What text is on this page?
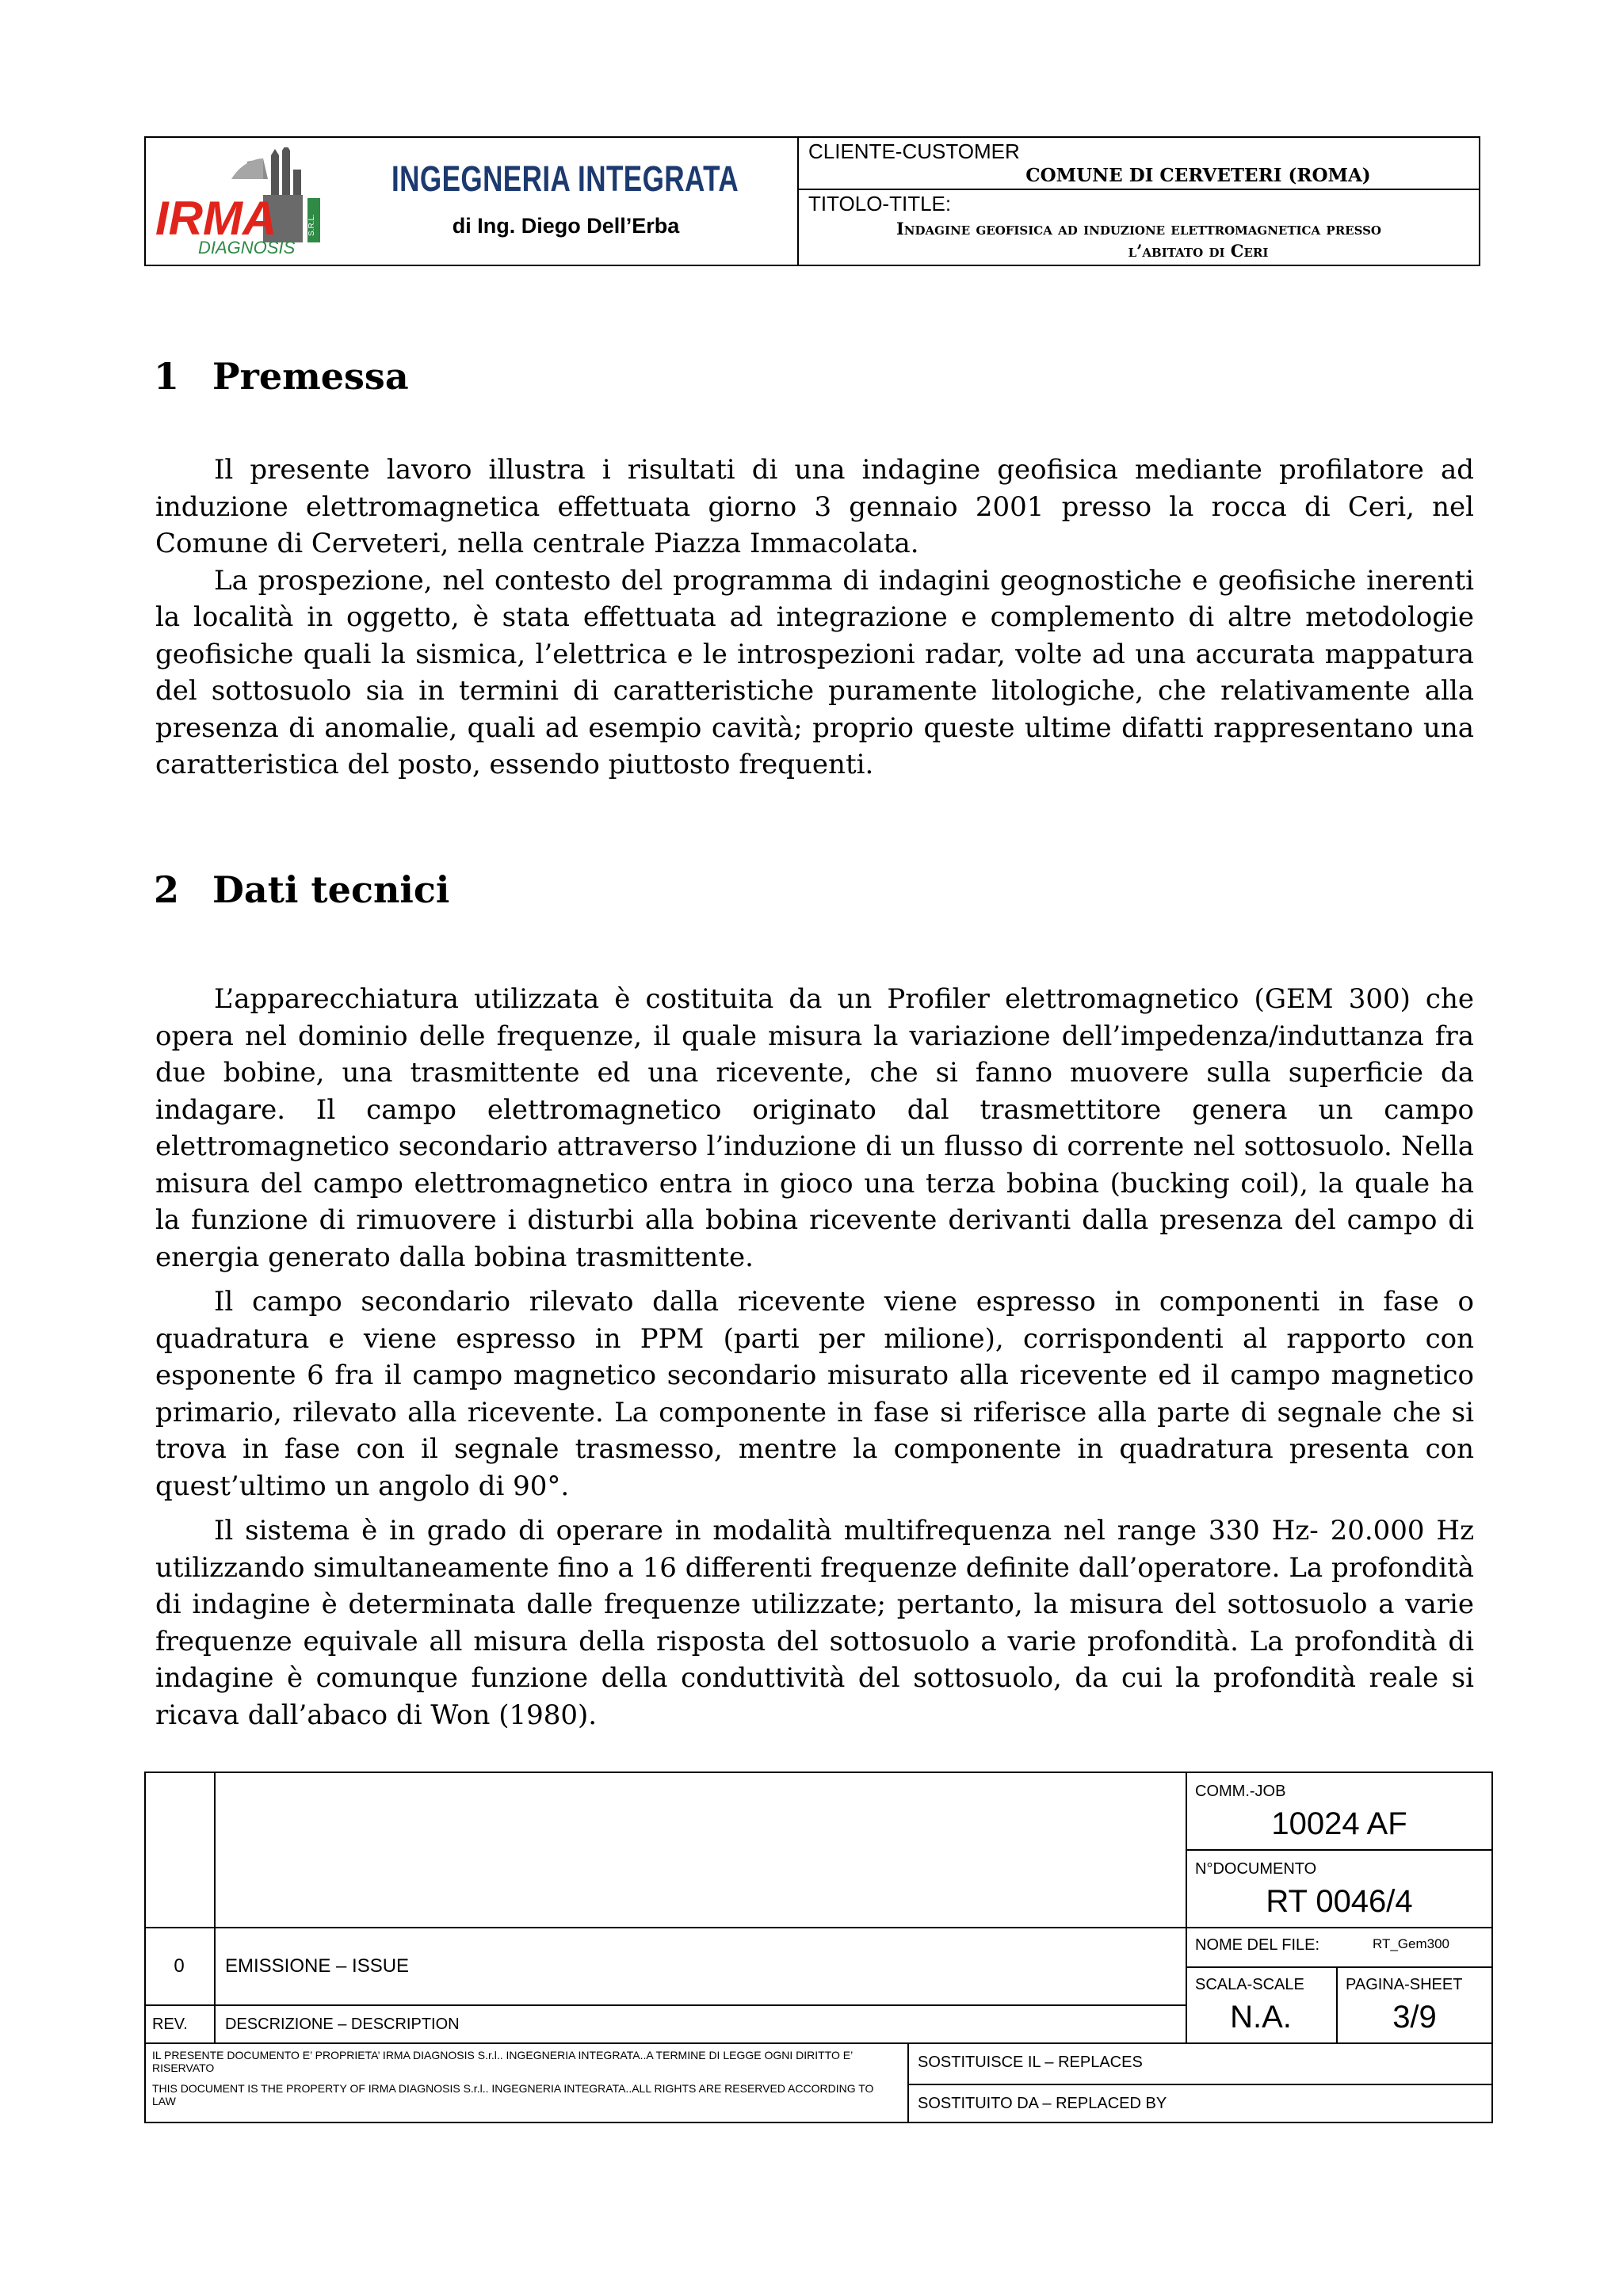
S.R.L.
IRMA
DIAGNOSIS
INGEGNERIA INTEGRATA
di Ing. Diego Dell’Erba
CLIENTE-CUSTOMER
COMUNE DI CERVETERI (ROMA)
TITOLO-TITLE:
Indagine geofisica ad induzione elettromagnetica presso
l’abitato di Ceri
1 Premessa

Il presente lavoro illustra i risultati di una indagine geofisica mediante profilatore ad induzione elettromagnetica effettuata giorno 3 gennaio 2001 presso la rocca di Ceri, nel Comune di Cerveteri, nella centrale Piazza Immacolata.

La prospezione, nel contesto del programma di indagini geognostiche e geofisiche inerenti la località in oggetto, è stata effettuata ad integrazione e complemento di altre metodologie geofisiche quali la sismica, l’elettrica e le introspezioni radar, volte ad una accurata mappatura del sottosuolo sia in termini di caratteristiche puramente litologiche, che relativamente alla presenza di anomalie, quali ad esempio cavità; proprio queste ultime difatti rappresentano una caratteristica del posto, essendo piuttosto frequenti.

2 Dati tecnici

L’apparecchiatura utilizzata è costituita da un Profiler elettromagnetico (GEM 300) che opera nel dominio delle frequenze, il quale misura la variazione dell’impedenza/induttanza fra due bobine, una trasmittente ed una ricevente, che si fanno muovere sulla superficie da indagare. Il campo elettromagnetico originato dal trasmettitore genera un campo elettromagnetico secondario attraverso l’induzione di un flusso di corrente nel sottosuolo. Nella misura del campo elettromagnetico entra in gioco una terza bobina (bucking coil), la quale ha la funzione di rimuovere i disturbi alla bobina ricevente derivanti dalla presenza del campo di energia generato dalla bobina trasmittente.

Il campo secondario rilevato dalla ricevente viene espresso in componenti in fase o quadratura e viene espresso in PPM (parti per milione), corrispondenti al rapporto con esponente 6 fra il campo magnetico secondario misurato alla ricevente ed il campo magnetico primario, rilevato alla ricevente. La componente in fase si riferisce alla parte di segnale che si trova in fase con il segnale trasmesso, mentre la componente in quadratura presenta con quest’ultimo un angolo di 90°.

Il sistema è in grado di operare in modalità multifrequenza nel range 330 Hz- 20.000 Hz utilizzando simultaneamente fino a 16 differenti frequenze definite dall’operatore. La profondità di indagine è determinata dalle frequenze utilizzate; pertanto, la misura del sottosuolo a varie frequenze equivale all misura della risposta del sottosuolo a varie profondità. La profondità di indagine è comunque funzione della conduttività del sottosuolo, da cui la profondità reale si ricava dall’abaco di Won (1980).

COMM.-JOB
10024 AF
N°DOCUMENTO
RT 0046/4
NOME DEL FILE:	RT_Gem300
SCALA-SCALE
N.A.
PAGINA-SHEET
3/9
0	EMISSIONE – ISSUE
REV. DESCRIZIONE – DESCRIPTION
IL PRESENTE DOCUMENTO E’ PROPRIETA’ IRMA DIAGNOSIS S.r.l.. INGEGNERIA INTEGRATA..A TERMINE DI LEGGE OGNI DIRITTO E’ RISERVATO
THIS DOCUMENT IS THE PROPERTY OF IRMA DIAGNOSIS S.r.l.. INGEGNERIA INTEGRATA..ALL RIGHTS ARE RESERVED ACCORDING TO LAW
SOSTITUISCE IL – REPLACES
SOSTITUITO DA – REPLACED BY
